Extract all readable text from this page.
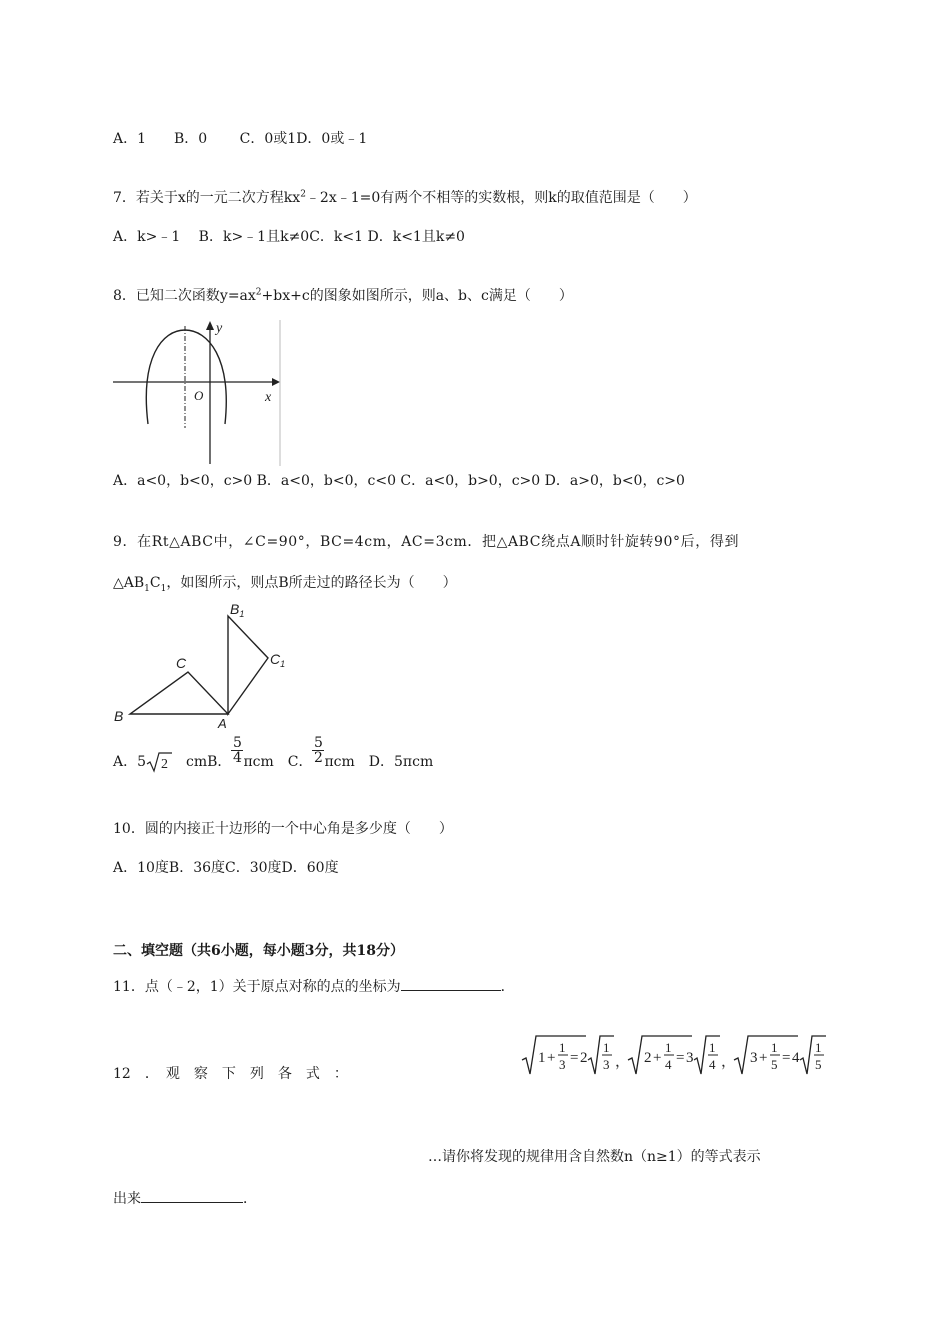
A．1　　B．0　　 C．0或1D．0或﹣1
7．若关于x的一元二次方程$kx^2﹣2x﹣1=0$有两个不相等的实数根，则k的取值范围是（　　）
A．k>﹣1　 B．k>﹣1且k≠0C．k<1 D．k<1且k≠0
8．已知二次函数$y=ax^2+bx+c$的图象如图所示，则a、b、c满足（　　）
y
x
O
A．a<0，b<0，c>0 B．a<0，b<0，c<0 C．a<0，b>0，c>0 D．a>0，b<0，c>0
9．在Rt△ABC中，∠C=90°，BC=4cm，AC=3cm．把△ABC绕点A顺时针旋转90°后，得到
$\triangle AB_1C_1$，如图所示，则点B所走过的路径长为（　　）
B
C
A
$B_1$
$C_1$
A．5 2 　cmB． $\frac{5}{4}$ πcm　C． $\frac{5}{2}$ πcm　D．5πcm
10．圆的内接正十边形的一个中心角是多少度（　　）
A．10度B．36度C．30度D．60度
二、填空题（共6小题，每小题3分，共18分）
11．点（﹣2，1）关于原点对称的点的坐标为	．
12　．　观　察　下　列　各　式　：
1 +
1
3 = 2
1
3 ， 2 +
1
4 = 3
1
4 ， 3 +
1
5 = 4
1
5
…请你将发现的规律用含自然数n（n≥1）的等式表示
出来	．
